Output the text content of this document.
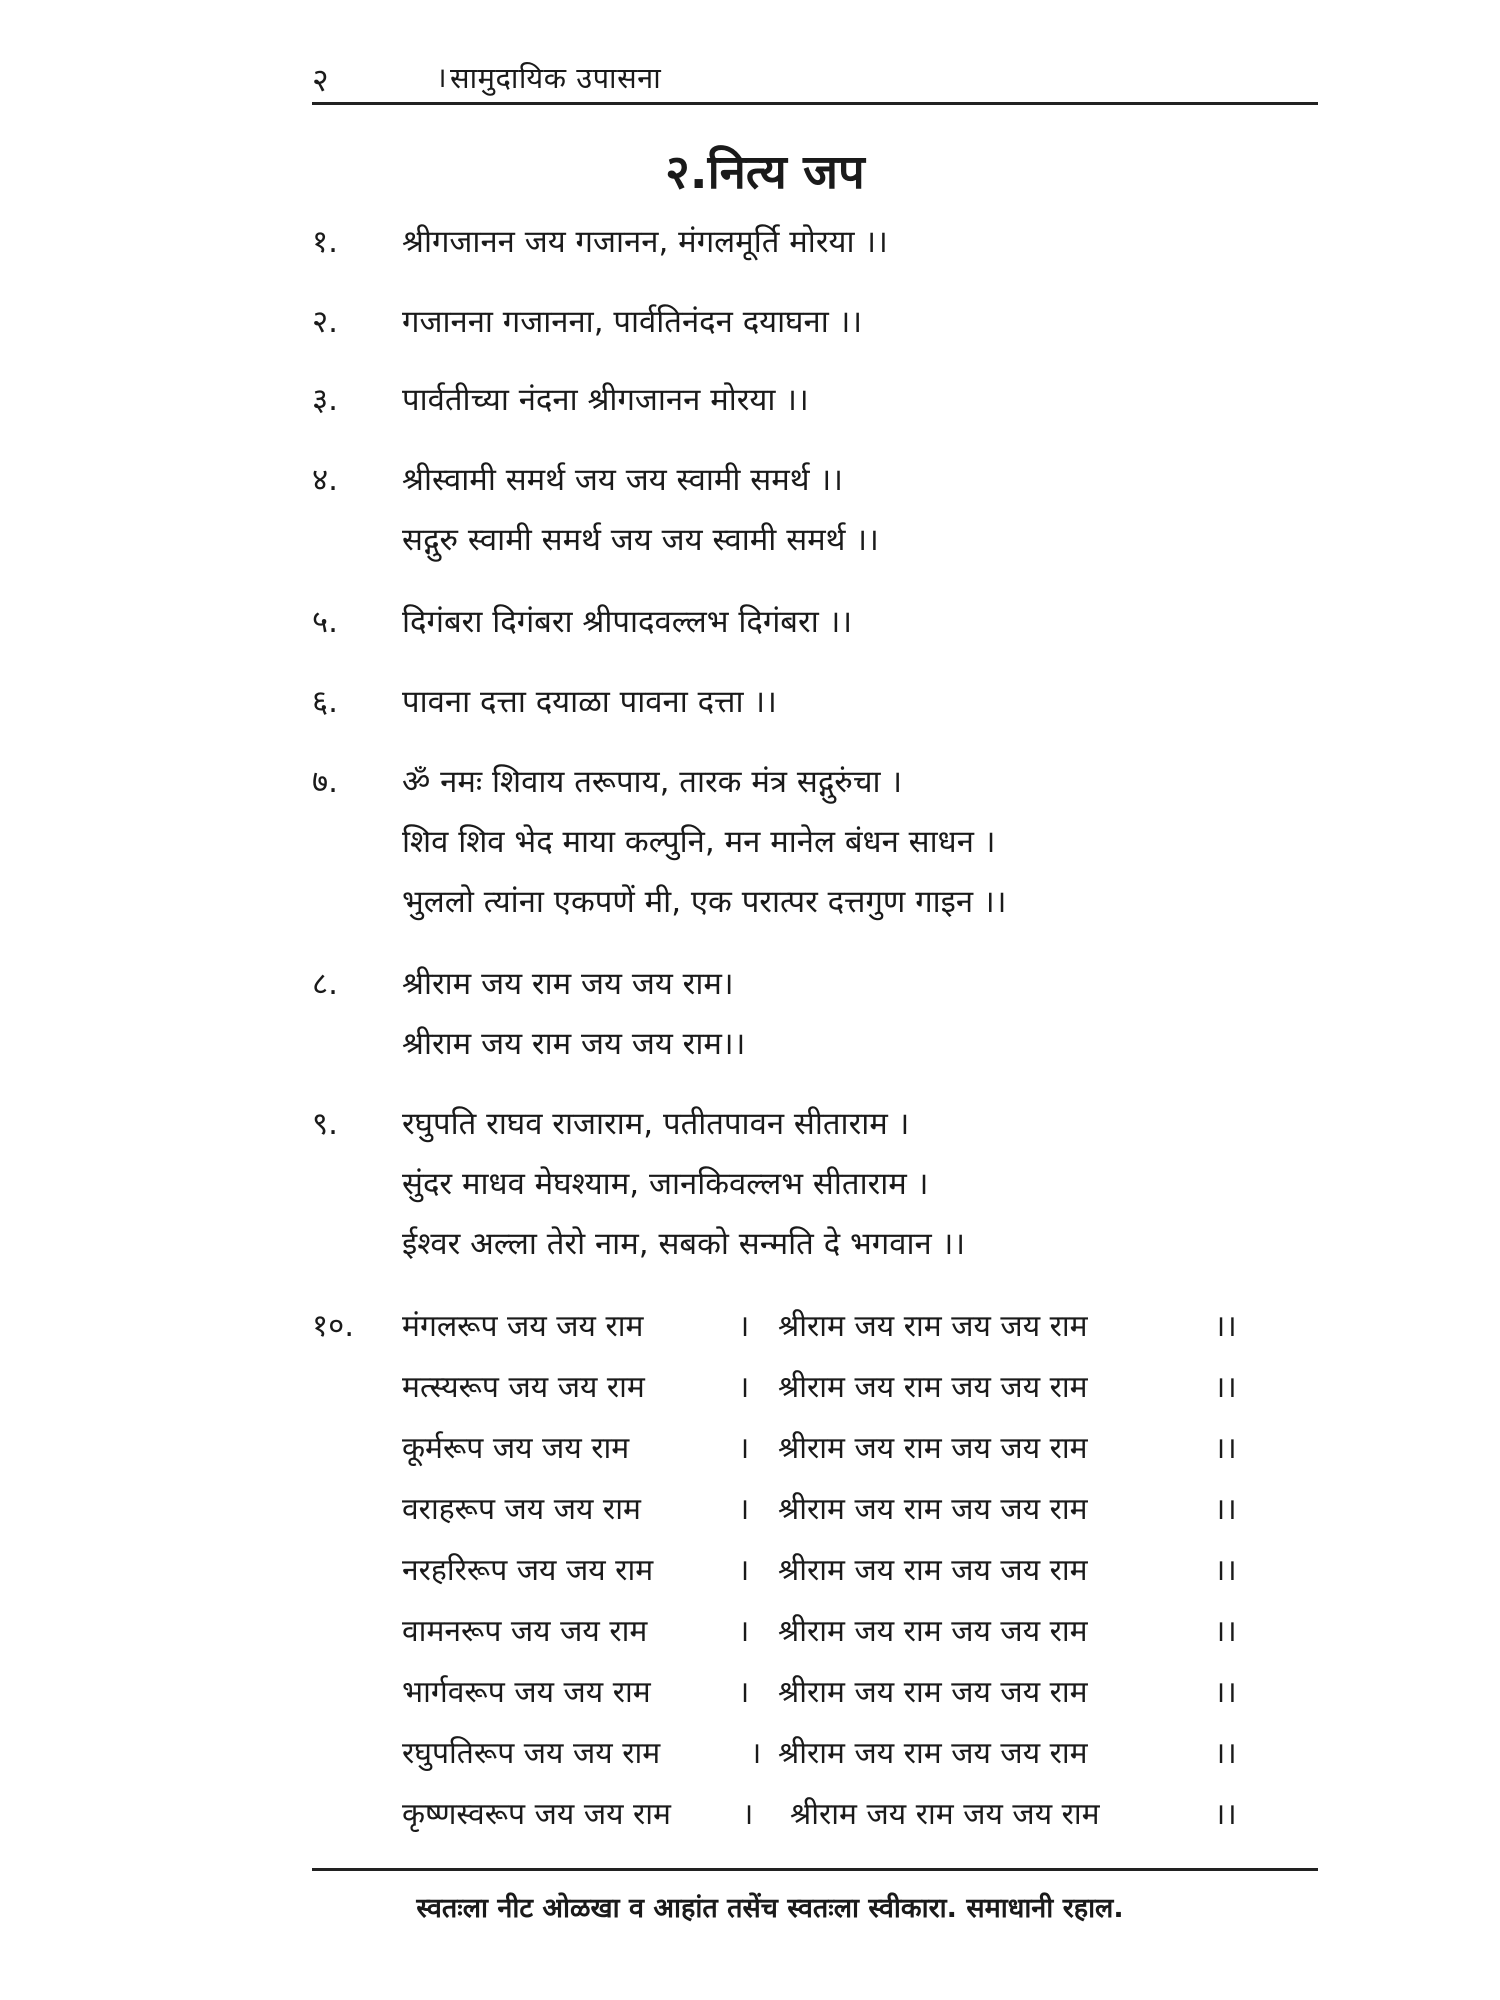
२	। सामुदायिक उपासना
२.नित्य जप
१. श्रीगजानन जय गजानन, मंगलमूर्ति मोरया ।।
२. गजानना गजानना, पार्वतिनंदन दयाघना ।।
३. पार्वतीच्या नंदना श्रीगजानन मोरया ।।
४. श्रीस्वामी समर्थ जय जय स्वामी समर्थ ।।
सद्गुरु स्वामी समर्थ जय जय स्वामी समर्थ ।।
५. दिगंबरा दिगंबरा श्रीपादवल्लभ दिगंबरा ।।
६. पावना दत्ता दयाळा पावना दत्ता ।।
७. ॐ नमः शिवाय तरूपाय, तारक मंत्र सद्गुरुंचा ।
शिव शिव भेद माया कल्पुनि, मन मानेल बंधन साधन ।
भुललो त्यांना एकपणें मी, एक परात्पर दत्तगुण गाइन ।।
८. श्रीराम जय राम जय जय राम।
श्रीराम जय राम जय जय राम।।
९. रघुपति राघव राजाराम, पतीतपावन सीताराम ।
सुंदर माधव मेघश्याम, जानकिवल्लभ सीताराम ।
ईश्वर अल्ला तेरो नाम, सबको सन्मति दे भगवान ।।
१०. मंगलरूप जय जय राम	। श्रीराम जय राम जय जय राम	।।
मत्स्यरूप जय जय राम	। श्रीराम जय राम जय जय राम	।।
कूर्मरूप जय जय राम	। श्रीराम जय राम जय जय राम	।।
वराहरूप जय जय राम	। श्रीराम जय राम जय जय राम	।।
नरहरिरूप जय जय राम	। श्रीराम जय राम जय जय राम	।।
वामनरूप जय जय राम	। श्रीराम जय राम जय जय राम	।।
भार्गवरूप जय जय राम	। श्रीराम जय राम जय जय राम	।।
रघुपतिरूप जय जय राम	। श्रीराम जय राम जय जय राम	।।
कृष्णस्वरूप जय जय राम । श्रीराम जय राम जय जय राम	।।
स्वतःला नीट ओळखा व आहांत तसेंच स्वतःला स्वीकारा. समाधानी रहाल.
